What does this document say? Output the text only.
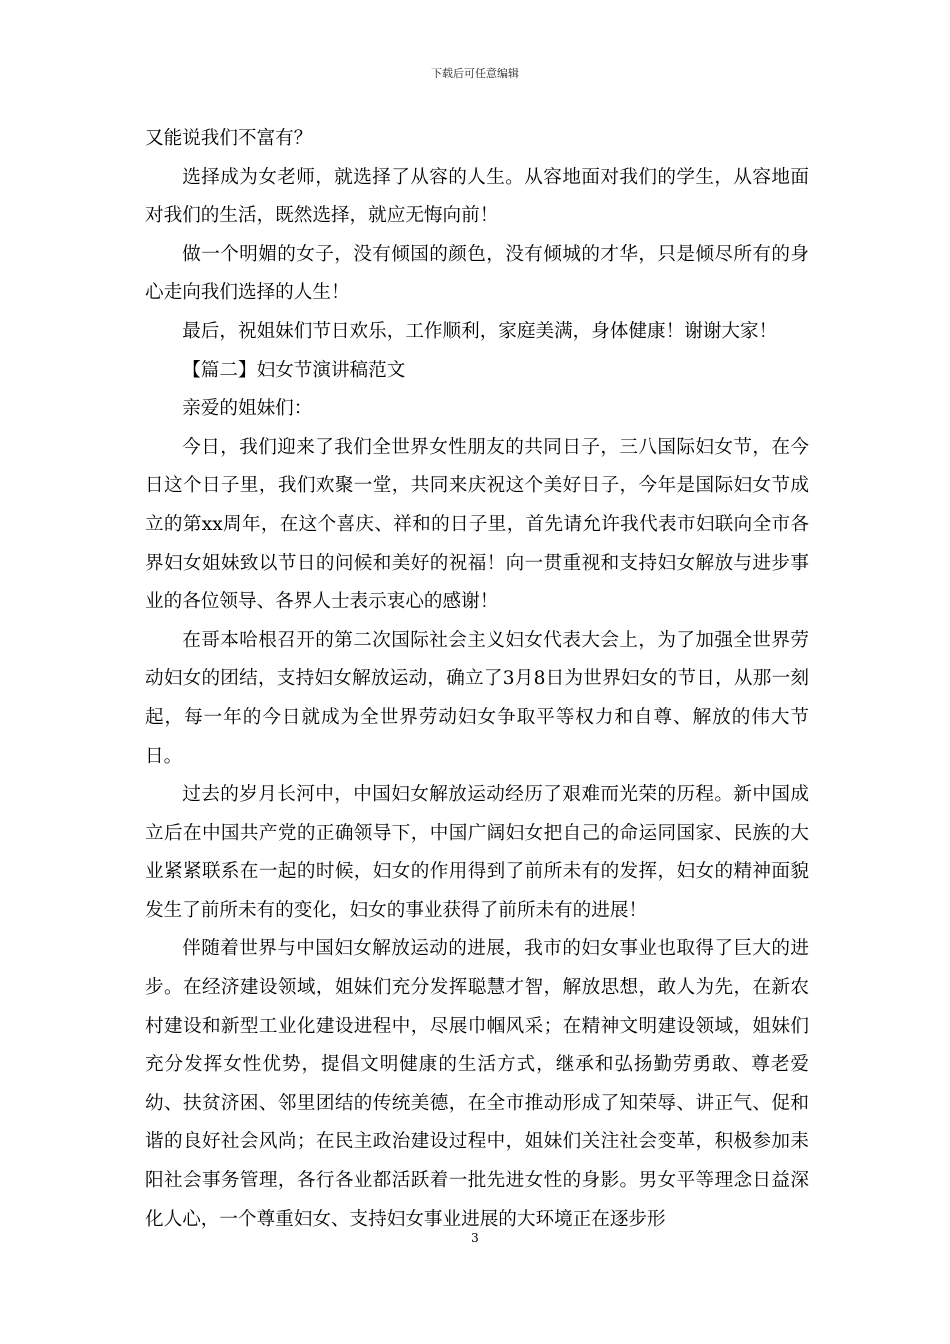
下载后可任意编辑

又能说我们不富有？

选择成为女老师，就选择了从容的人生。从容地面对我们的学生，从容地面对我们的生活，既然选择，就应无悔向前！

做一个明媚的女子，没有倾国的颜色，没有倾城的才华，只是倾尽所有的身心走向我们选择的人生！

最后，祝姐妹们节日欢乐，工作顺利，家庭美满，身体健康！谢谢大家！

【篇二】妇女节演讲稿范文

亲爱的姐妹们：

今日，我们迎来了我们全世界女性朋友的共同日子，三八国际妇女节，在今日这个日子里，我们欢聚一堂，共同来庆祝这个美好日子，今年是国际妇女节成立的第xx周年，在这个喜庆、祥和的日子里，首先请允许我代表市妇联向全市各界妇女姐妹致以节日的问候和美好的祝福！向一贯重视和支持妇女解放与进步事业的各位领导、各界人士表示衷心的感谢！

在哥本哈根召开的第二次国际社会主义妇女代表大会上，为了加强全世界劳动妇女的团结，支持妇女解放运动，确立了3月8日为世界妇女的节日，从那一刻起，每一年的今日就成为全世界劳动妇女争取平等权力和自尊、解放的伟大节日。

过去的岁月长河中，中国妇女解放运动经历了艰难而光荣的历程。新中国成立后在中国共产党的正确领导下，中国广阔妇女把自己的命运同国家、民族的大业紧紧联系在一起的时候，妇女的作用得到了前所未有的发挥，妇女的精神面貌发生了前所未有的变化，妇女的事业获得了前所未有的进展！

伴随着世界与中国妇女解放运动的进展，我市的妇女事业也取得了巨大的进步。在经济建设领域，姐妹们充分发挥聪慧才智，解放思想，敢人为先，在新农村建设和新型工业化建设进程中，尽展巾帼风采；在精神文明建设领域，姐妹们充分发挥女性优势，提倡文明健康的生活方式，继承和弘扬勤劳勇敢、尊老爱幼、扶贫济困、邻里团结的传统美德，在全市推动形成了知荣辱、讲正气、促和谐的良好社会风尚；在民主政治建设过程中，姐妹们关注社会变革，积极参加耒阳社会事务管理，各行各业都活跃着一批先进女性的身影。男女平等理念日益深化人心，一个尊重妇女、支持妇女事业进展的大环境正在逐步形

3
